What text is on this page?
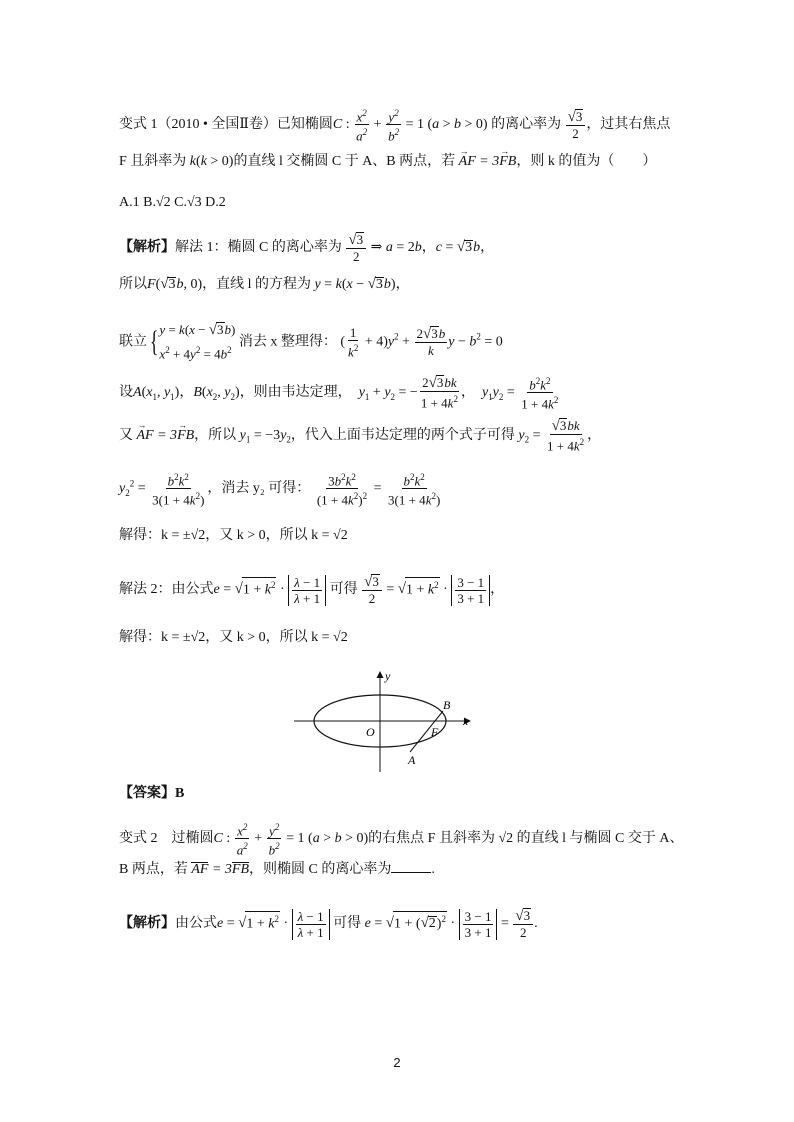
变式 1（2010 • 全国Ⅱ卷）已知椭圆C : $\frac{x^2}{a^2} + \frac{y^2}{b^2} = 1$ (a > b > 0) 的离心率为 $\frac{√3}{2}$ ，过其右焦点
F 且斜率为 k(k > 0)的直线 l 交椭圆 C 于 A、B 两点，若 → AF = 3→ FB，则 k 的值为（　　）
A.1 B.√2 C.√3 D.2
【解析】解法 1：椭圆 C 的离心率为 $\frac{√3}{2}$ ⇒ a = 2b，c = √3b，
所以F(√3b, 0)，直线 l 的方程为 y = k(x − √3b)，
联立{ y = k(x − √3b)
$x^2 + 4y^2 = 4b^2$
消去 x 整理得： ( $\frac{1}{k^2} + 4)y^2 + \frac{2√3b}{k}$ $y - b^2 = 0$
设$A(x_1$, $y_1$)，$B(x_2$, $y_2$)，则由韦达定理， $y_1 + y_2$ = − $\frac{2√3bk}{1 + 4k^2}$ ，  $y_1y_2 = \frac{b^2k^2}{1 + 4k^2}$
又 → AF = 3→ FB，所以 $y_1 = -3y_2$，代入上面韦达定理的两个式子可得 $y_2 = \frac{√3bk}{1 + 4k^2}$ ，
$y_2^2 = \frac{b^2k^2}{3(1 + 4k^2)}$ ，消去 y₂ 可得： $\frac{3b^2k^2}{(1 + 4k^2)^2} = \frac{b^2k^2}{3(1 + 4k^2)}$
解得：k = ±√2，又 k > 0，所以 k = √2
解法 2：由公式$e = √1 + k^2 \cdot \frac{\lambda - 1}{\lambda + 1}$ 可得 $\frac{√3}{2} = √1 + k^2 \cdot \frac{3 - 1}{3 + 1}$ ，
解得：k = ±√2，又 k > 0，所以 k = √2
y
x
O
B
F
A
【答案】B
变式 2　过椭圆C : $\frac{x^2}{a^2} + \frac{y^2}{b^2} = 1$ (a > b > 0)的右焦点 F 且斜率为 √2 的直线 l 与椭圆 C 交于 A、
B 两点，若 AF = 3FB，则椭圆 C 的离心率为	.
【解析】由公式$e = √1 + k^2 \cdot \frac{\lambda - 1}{\lambda + 1}$ 可得 $e = √1 + (√2)^2 \cdot \frac{3 - 1}{3 + 1} = \frac{√3}{2}$ .
2
